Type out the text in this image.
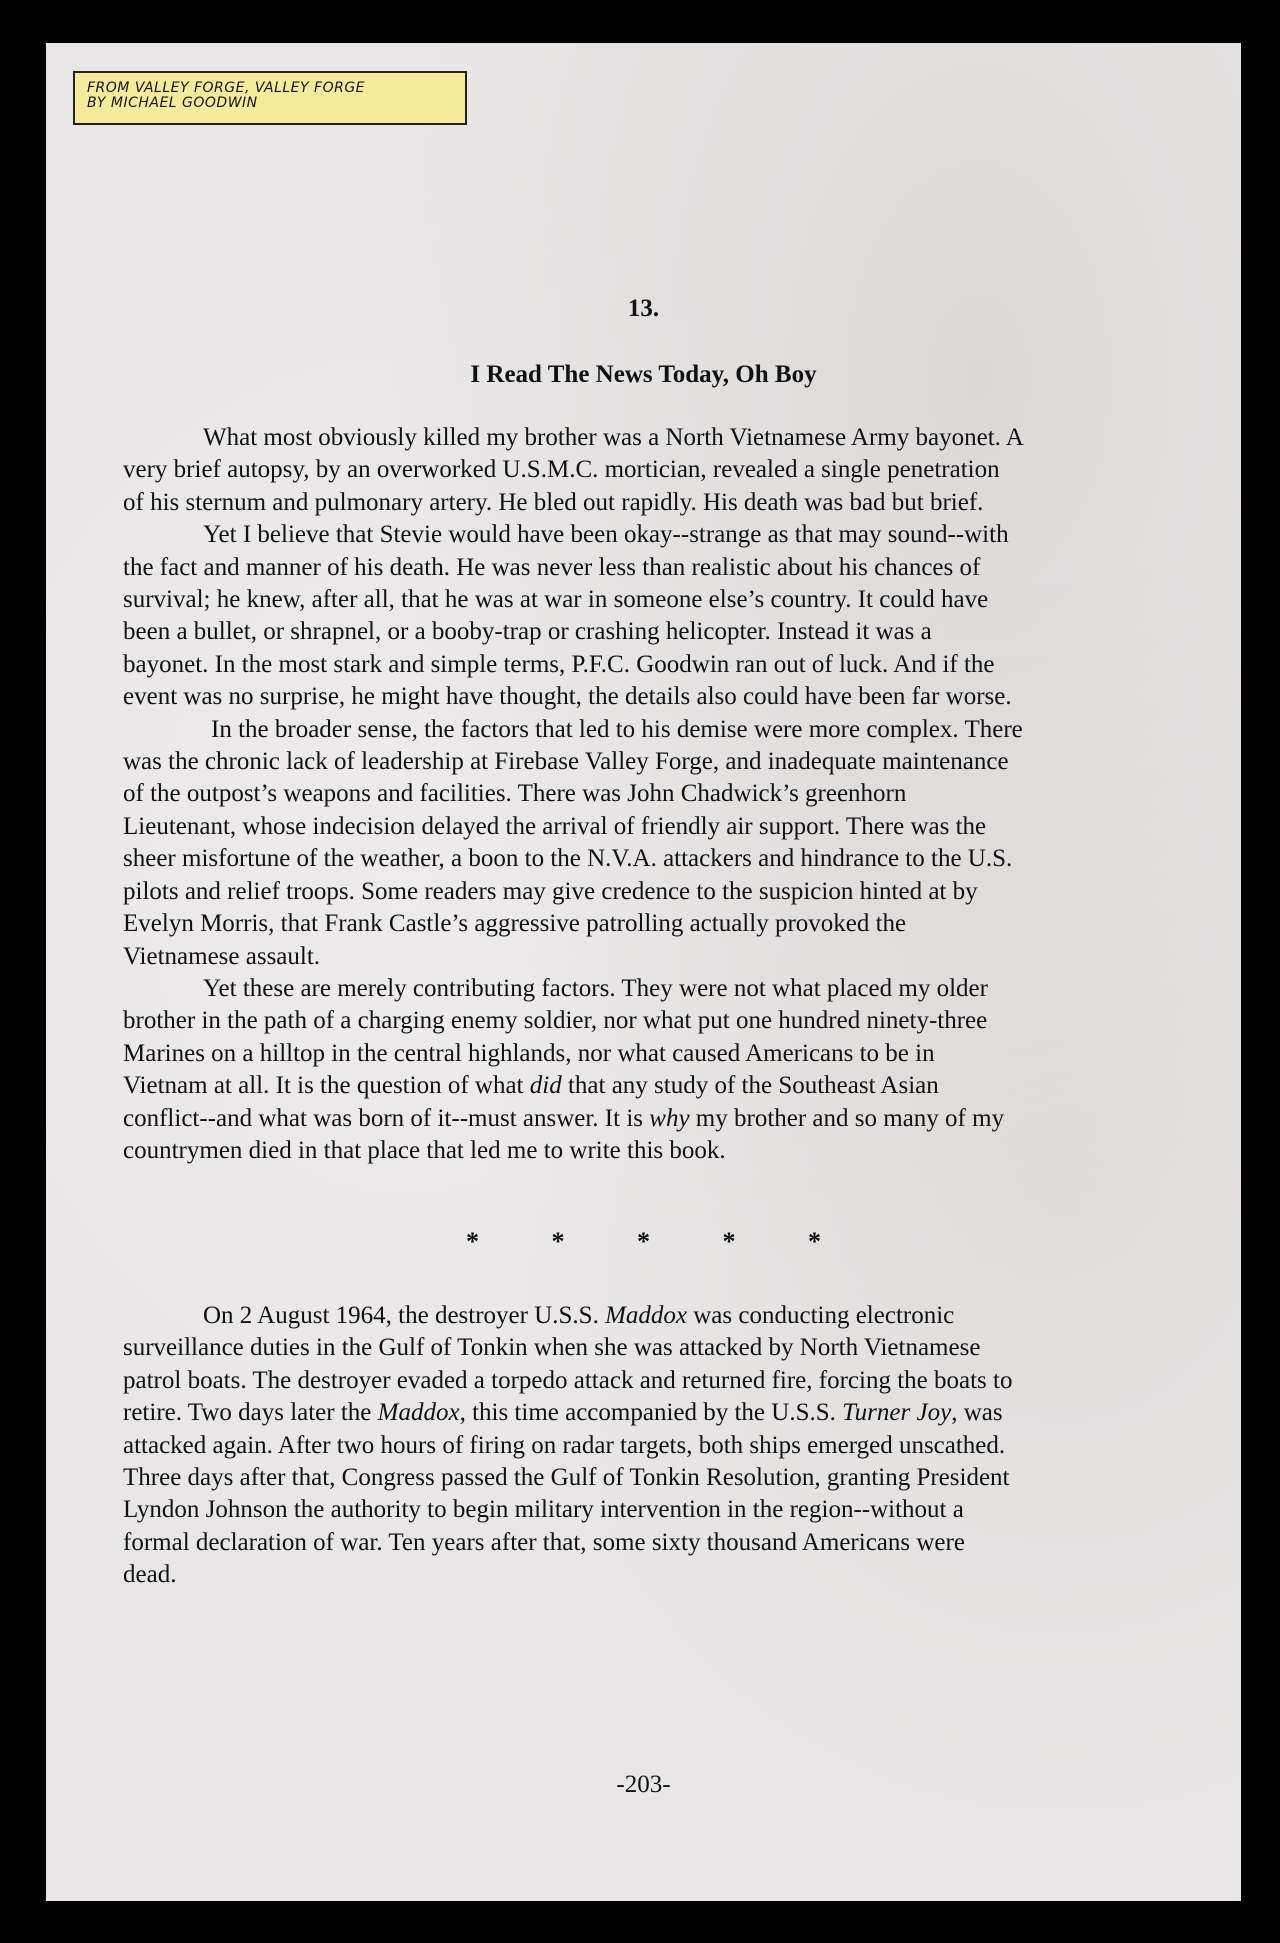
FROM VALLEY FORGE, VALLEY FORGE
BY MICHAEL GOODWIN
13.
I Read The News Today, Oh Boy
What most obviously killed my brother was a North Vietnamese Army bayonet. A
very brief autopsy, by an overworked U.S.M.C. mortician, revealed a single penetration
of his sternum and pulmonary artery. He bled out rapidly. His death was bad but brief.
Yet I believe that Stevie would have been okay--strange as that may sound--with
the fact and manner of his death. He was never less than realistic about his chances of
survival; he knew, after all, that he was at war in someone else’s country. It could have
been a bullet, or shrapnel, or a booby-trap or crashing helicopter. Instead it was a
bayonet. In the most stark and simple terms, P.F.C. Goodwin ran out of luck. And if the
event was no surprise, he might have thought, the details also could have been far worse.
In the broader sense, the factors that led to his demise were more complex. There
was the chronic lack of leadership at Firebase Valley Forge, and inadequate maintenance
of the outpost’s weapons and facilities. There was John Chadwick’s greenhorn
Lieutenant, whose indecision delayed the arrival of friendly air support. There was the
sheer misfortune of the weather, a boon to the N.V.A. attackers and hindrance to the U.S.
pilots and relief troops. Some readers may give credence to the suspicion hinted at by
Evelyn Morris, that Frank Castle’s aggressive patrolling actually provoked the
Vietnamese assault.
Yet these are merely contributing factors. They were not what placed my older
brother in the path of a charging enemy soldier, nor what put one hundred ninety-three
Marines on a hilltop in the central highlands, nor what caused Americans to be in
Vietnam at all. It is the question of what did that any study of the Southeast Asian
conflict--and what was born of it--must answer. It is why my brother and so many of my
countrymen died in that place that led me to write this book.
*	*	*	*	*
On 2 August 1964, the destroyer U.S.S. Maddox was conducting electronic
surveillance duties in the Gulf of Tonkin when she was attacked by North Vietnamese
patrol boats. The destroyer evaded a torpedo attack and returned fire, forcing the boats to
retire. Two days later the Maddox, this time accompanied by the U.S.S. Turner Joy, was
attacked again. After two hours of firing on radar targets, both ships emerged unscathed.
Three days after that, Congress passed the Gulf of Tonkin Resolution, granting President
Lyndon Johnson the authority to begin military intervention in the region--without a
formal declaration of war. Ten years after that, some sixty thousand Americans were
dead.
-203-
